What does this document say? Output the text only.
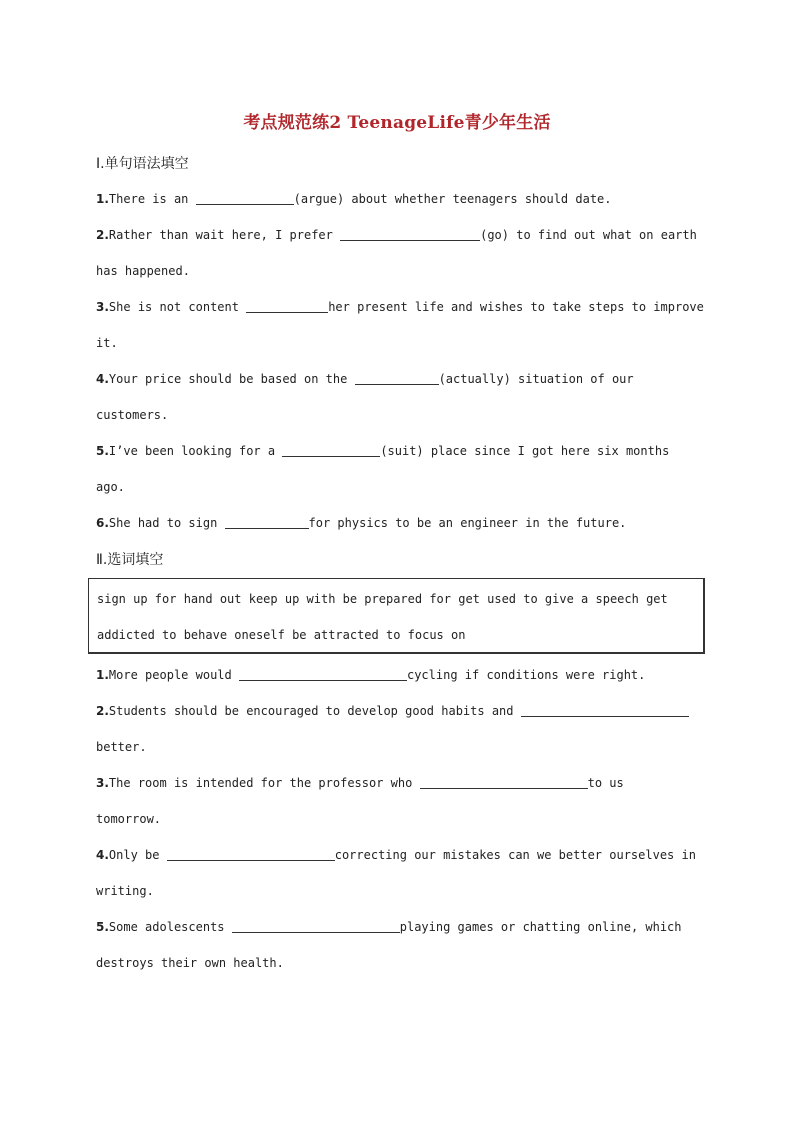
考点规范练2 TeenageLife青少年生活
Ⅰ.单句语法填空
1.There is an	(argue) about whether teenagers should date.
2.Rather than wait here, I prefer	(go) to find out what on earth
has happened.
3.She is not content	her present life and wishes to take steps to improve
it.
4.Your price should be based on the	(actually) situation of our
customers.
5.I’ve been looking for a	(suit) place since I got here six months
ago.
6.She had to sign	for physics to be an engineer in the future.
Ⅱ.选词填空
sign up for hand out keep up with be prepared for get used to give a speech get
addicted to behave oneself be attracted to focus on
1.More people would	cycling if conditions were right.
2.Students should be encouraged to develop good habits and
better.
3.The room is intended for the professor who	to us
tomorrow.
4.Only be	correcting our mistakes can we better ourselves in
writing.
5.Some adolescents	playing games or chatting online, which
destroys their own health.
